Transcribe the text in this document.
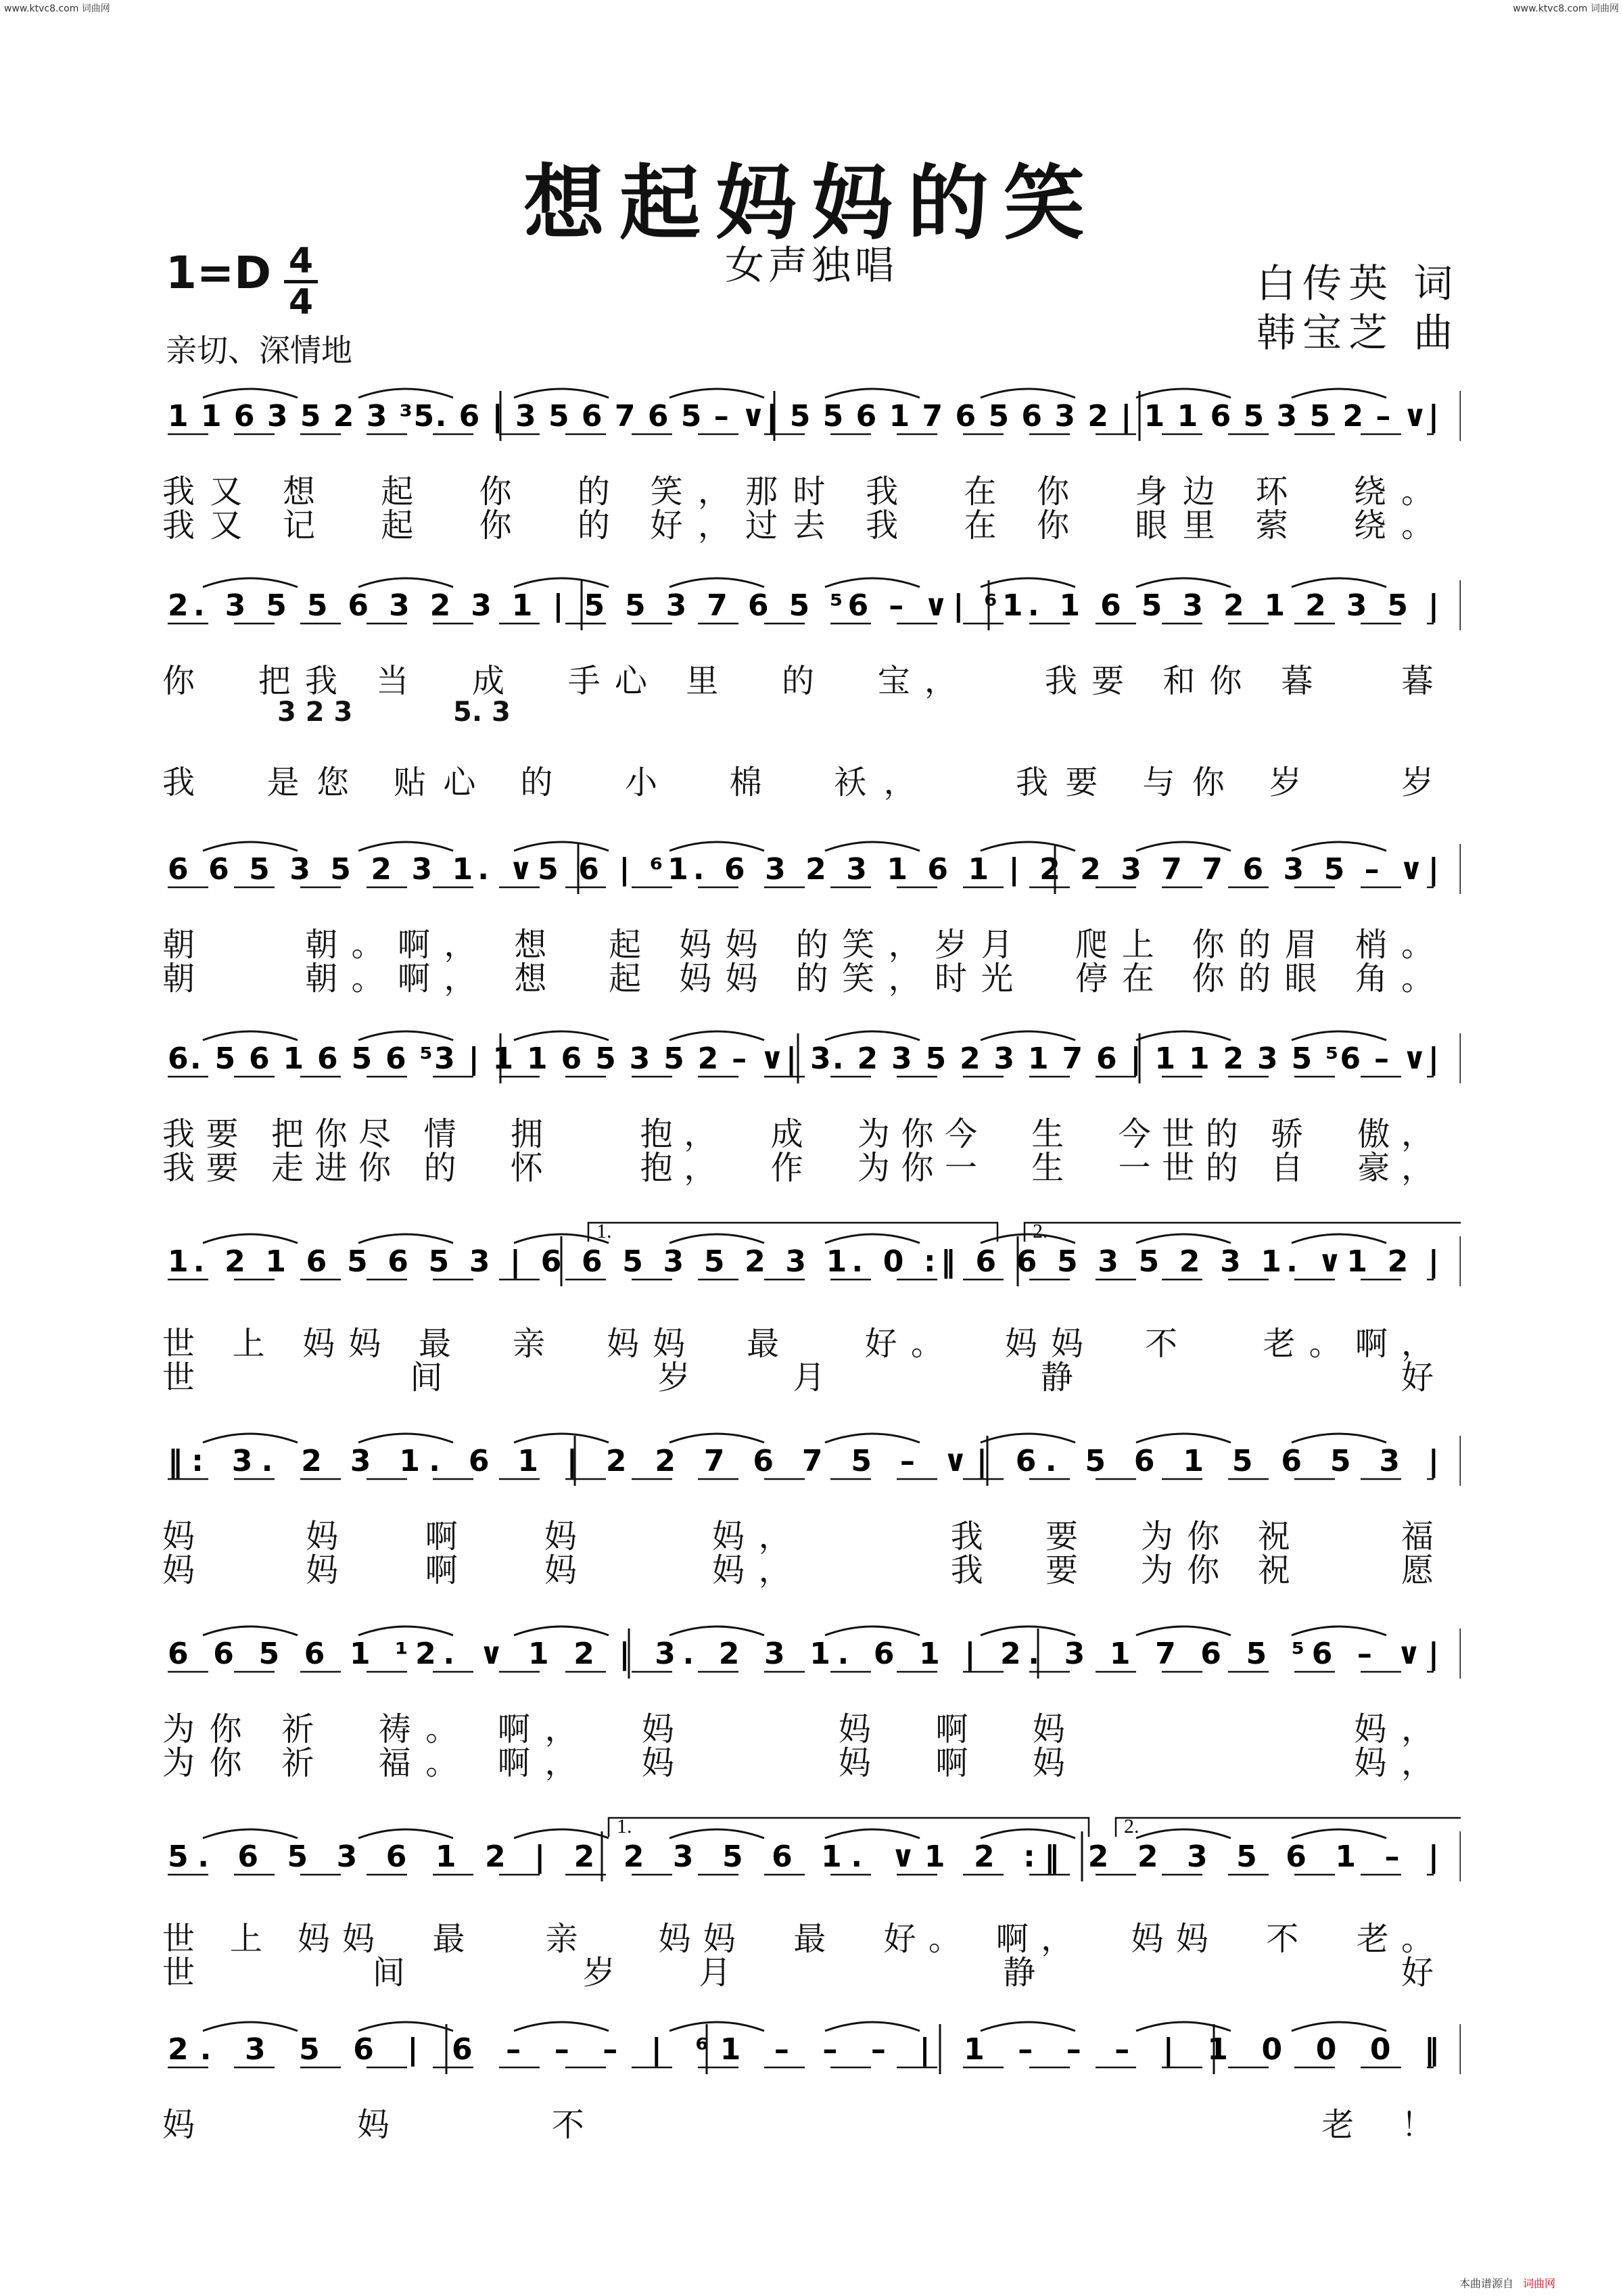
www.ktvc8.com 词曲网	www.ktvc8.com 词曲网
想起妈妈的笑
女声独唱
1=D 4
4
亲切、深情地
白传英 词
韩宝芝 曲
1 1 6 3 5 2 3 ³5. 6 | 3 5 6 7 6 5 – ∨| 5 5 6 1 7 6 5 6 3 2 | 1 1 6 5 3 5 2 – ∨|
我又 想  起  你  的 笑，那时 我  在 你  身边 环  绕。
我又 记  起  你  的 好，过去 我  在 你  眼里 萦  绕。
2. 3 5 5 6 3 2 3 1 | 5 5 3 7 6 5 ⁵6 – ∨| ⁶1. 1 6 5 3 2 1 2 3 5 |
3 2 3	5. 3
你  把我 当  成  手心 里  的  宝，   我要 和你 暮   暮
我  是您 贴心 的  小  棉  袄，   我要 与你 岁   岁
6 6 5 3 5 2 3 1. ∨5 6 | ⁶1. 6 3 2 3 1 6 1 | 2 2 3 7 7 6 3 5 – ∨|
朝    朝。啊， 想  起 妈妈 的笑，岁月  爬上 你的眉 梢。
朝    朝。啊， 想  起 妈妈 的笑，时光  停在 你的眼 角。
6. 5 6 1 6 5 6 ⁵3 | 1 1 6 5 3 5 2 – ∨| 3. 2 3 5 2 3 1 7 6 | 1 1 2 3 5 ⁵6 – ∨|
我要 把你尽 情  拥    抱，  成  为你今  生  今世的 骄  傲，
我要 走进你 的  怀    抱，  作  为你一  生  一世的 自  豪，
1.	2.
1. 2 1 6 5 6 5 3 | 6 6 5 3 5 2 3 1. 0 :‖ 6 6 5 3 5 2 3 1. ∨1 2 |
世 上 妈妈 最  亲  妈妈  最   好。  妈妈  不   老。啊，
世 间 岁月 静  好
‖: 3. 2 3 1. 6 1 | 2 2 7 6 7 5 – ∨| 6. 5 6 1 5 6 5 3 |
妈    妈   啊   妈     妈，      我  要  为你 祝    福
妈    妈   啊   妈     妈，      我  要  为你 祝    愿
6 6 5 6 1 ¹2. ∨ 1 2 | 3. 2 3 1. 6 1 | 2. 3 1 7 6 5 ⁵6 – ∨|
为你 祈  祷。 啊，  妈      妈  啊  妈           妈，
为你 祈  福。 啊，  妈      妈  啊  妈           妈，
1.	2.
5. 6 5 3 6 1 2 | 2 2 3 5 6 1. ∨1 2 :‖ 2 2 3 5 6 1 – |
世 上 妈妈  最   亲   妈妈  最  好。 啊，  妈妈  不  老。
世 间 岁月  静   好
2. 3 5 6 | 6 – – – | ⁶1 – – – | 1 – – – | 1 0 0 0 ‖
妈  妈  不            老！
本曲谱源自 词曲网
